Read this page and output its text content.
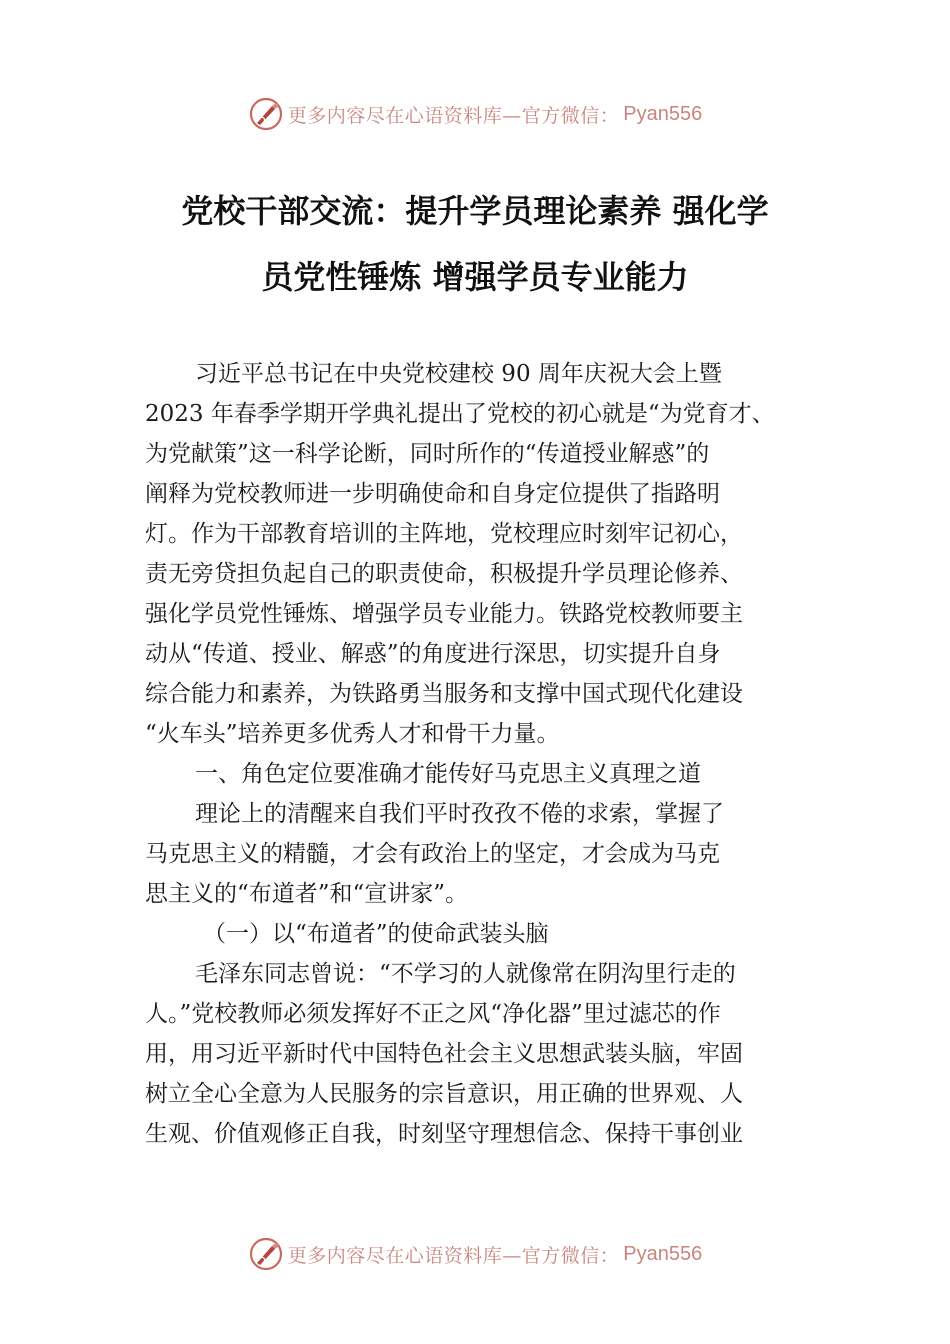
更多内容尽在心语资料库—官方微信： Pyan556
党校干部交流：提升学员理论素养 强化学
员党性锤炼 增强学员专业能力
习近平总书记在中央党校建校 90 周年庆祝大会上暨
2023 年春季学期开学典礼提出了党校的初心就是“为党育才、
为党献策”这一科学论断，同时所作的“传道授业解惑”的
阐释为党校教师进一步明确使命和自身定位提供了指路明
灯。作为干部教育培训的主阵地，党校理应时刻牢记初心，
责无旁贷担负起自己的职责使命，积极提升学员理论修养、
强化学员党性锤炼、增强学员专业能力。铁路党校教师要主
动从“传道、授业、解惑”的角度进行深思，切实提升自身
综合能力和素养，为铁路勇当服务和支撑中国式现代化建设
“火车头”培养更多优秀人才和骨干力量。
一、角色定位要准确才能传好马克思主义真理之道
理论上的清醒来自我们平时孜孜不倦的求索，掌握了
马克思主义的精髓，才会有政治上的坚定，才会成为马克
思主义的“布道者”和“宣讲家”。
（一）以“布道者”的使命武装头脑
毛泽东同志曾说：“不学习的人就像常在阴沟里行走的
人。”党校教师必须发挥好不正之风“净化器”里过滤芯的作
用，用习近平新时代中国特色社会主义思想武装头脑，牢固
树立全心全意为人民服务的宗旨意识，用正确的世界观、人
生观、价值观修正自我，时刻坚守理想信念、保持干事创业
更多内容尽在心语资料库—官方微信： Pyan556
